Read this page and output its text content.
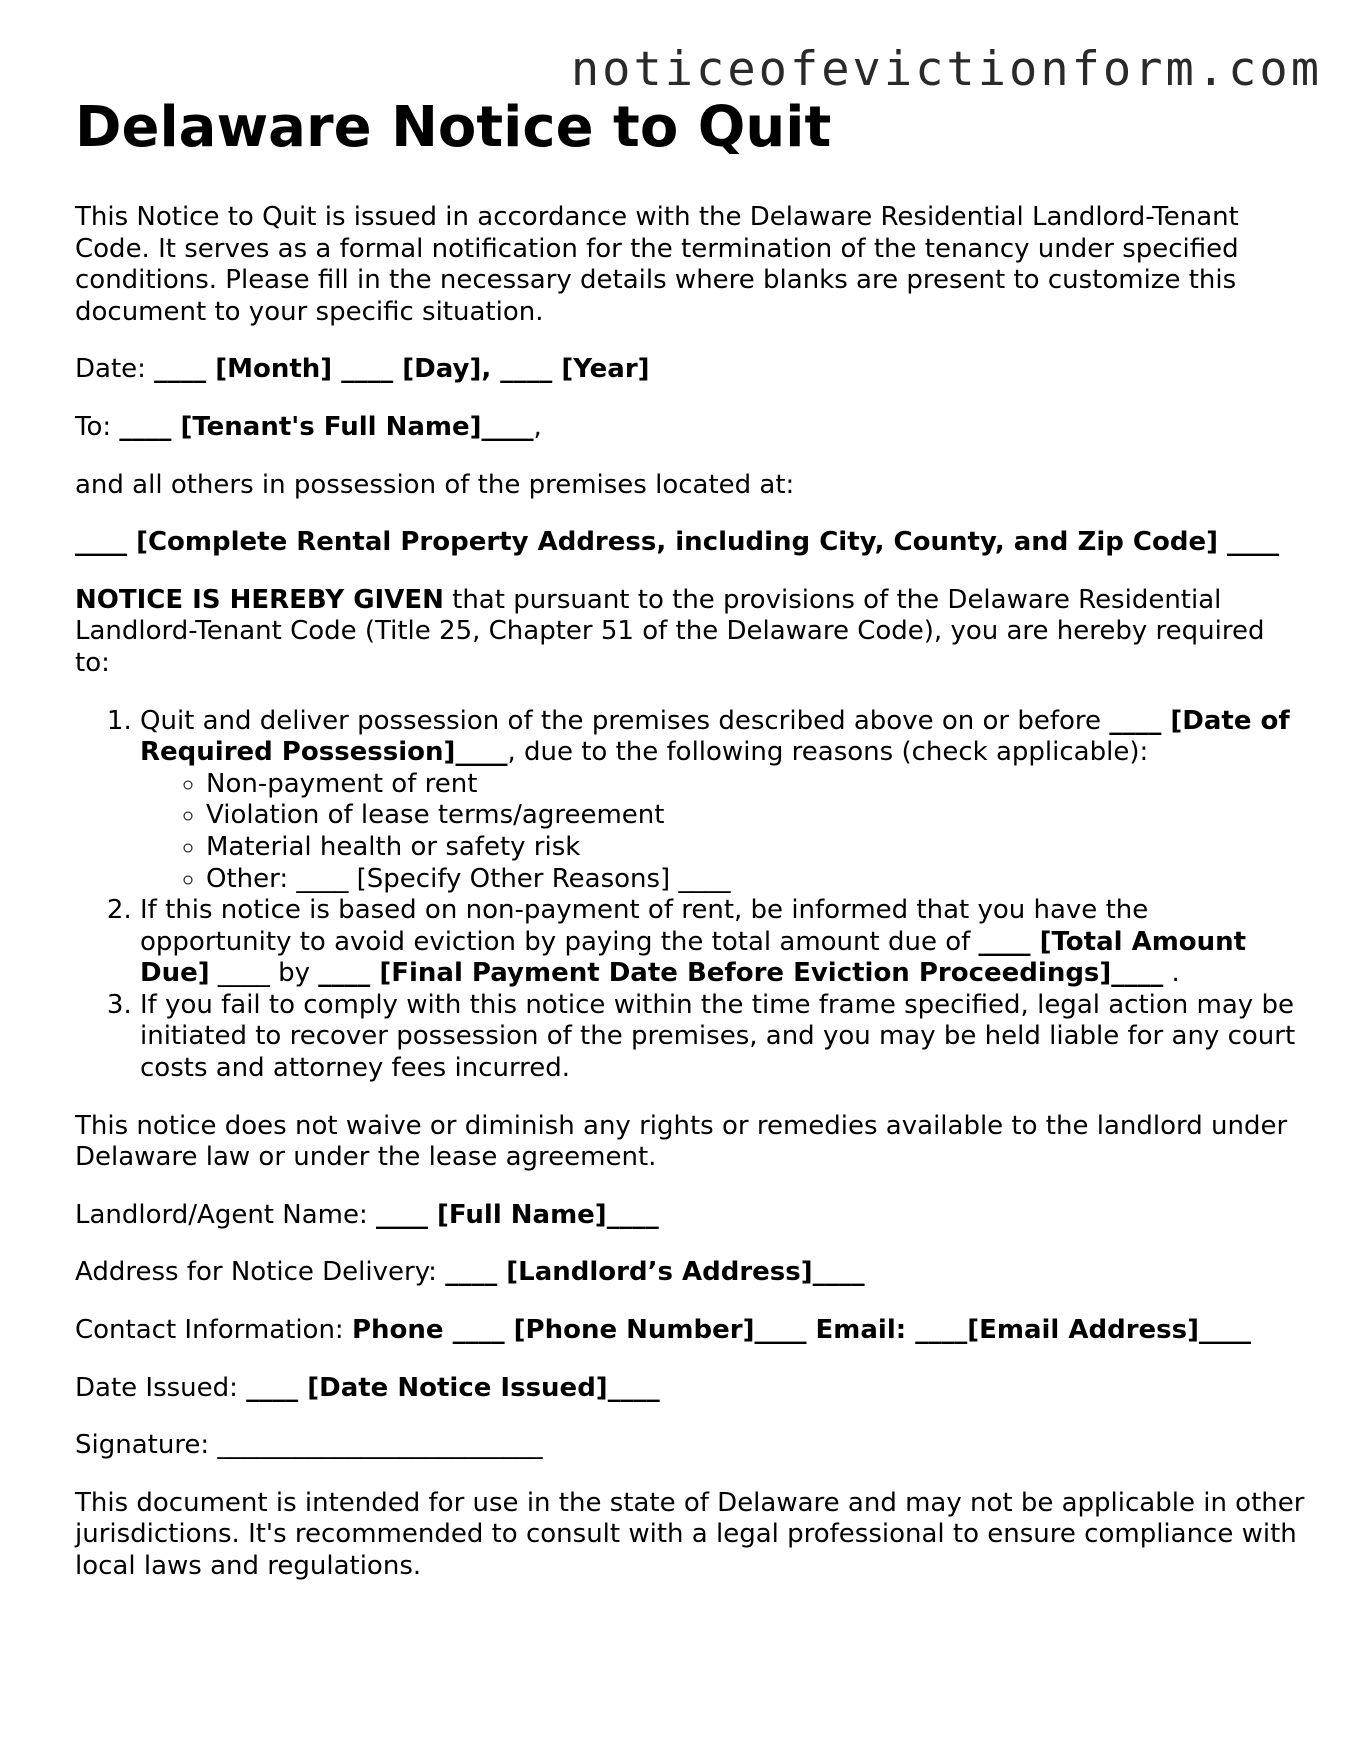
noticeofevictionform.com
Delaware Notice to Quit

This Notice to Quit is issued in accordance with the Delaware Residential Landlord-Tenant Code. It serves as a formal notification for the termination of the tenancy under specified conditions. Please fill in the necessary details where blanks are present to customize this document to your specific situation.

Date: ____ [Month] ____ [Day], ____ [Year]

To: ____ [Tenant's Full Name]____,

and all others in possession of the premises located at:

____ [Complete Rental Property Address, including City, County, and Zip Code] ____

NOTICE IS HEREBY GIVEN that pursuant to the provisions of the Delaware Residential Landlord-Tenant Code (Title 25, Chapter 51 of the Delaware Code), you are hereby required to:

1. Quit and deliver possession of the premises described above on or before ____ [Date of Required Possession]____, due to the following reasons (check applicable):
◦ Non-payment of rent
◦ Violation of lease terms/agreement
◦ Material health or safety risk
◦ Other: ____ [Specify Other Reasons] ____
2. If this notice is based on non-payment of rent, be informed that you have the opportunity to avoid eviction by paying the total amount due of ____ [Total Amount Due] ____ by ____ [Final Payment Date Before Eviction Proceedings]____ .
3. If you fail to comply with this notice within the time frame specified, legal action may be initiated to recover possession of the premises, and you may be held liable for any court costs and attorney fees incurred.

This notice does not waive or diminish any rights or remedies available to the landlord under Delaware law or under the lease agreement.

Landlord/Agent Name: ____ [Full Name]____

Address for Notice Delivery: ____ [Landlord’s Address]____

Contact Information: Phone ____ [Phone Number]____ Email: ____[Email Address]____

Date Issued: ____ [Date Notice Issued]____

Signature: _________________________

This document is intended for use in the state of Delaware and may not be applicable in other jurisdictions. It's recommended to consult with a legal professional to ensure compliance with local laws and regulations.
